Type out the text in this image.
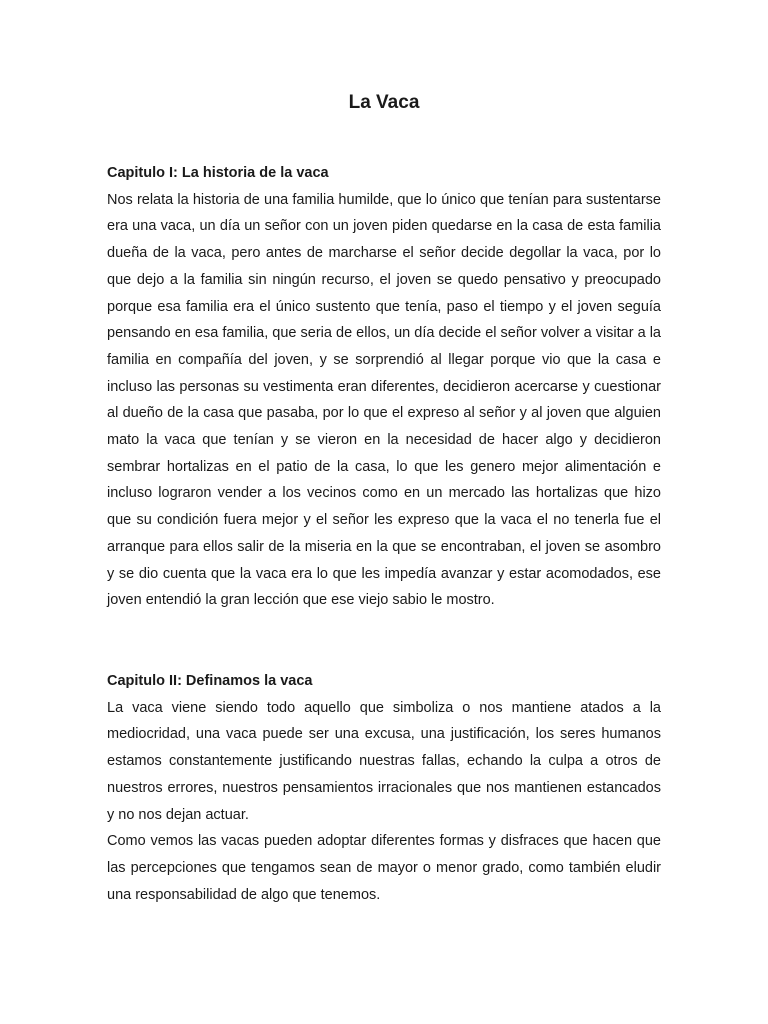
La Vaca

Capitulo I: La historia de la vaca

Nos relata la historia de una familia humilde, que lo único que tenían para sustentarse era una vaca, un día un señor con un joven piden quedarse en la casa de esta familia dueña de la vaca, pero antes de marcharse el señor decide degollar la vaca, por lo que dejo a la familia sin ningún recurso, el joven se quedo pensativo y preocupado porque esa familia era el único sustento que tenía, paso el tiempo y el joven seguía pensando en esa familia, que seria de ellos, un día decide el señor volver a visitar a la familia en compañía del joven, y se sorprendió al llegar porque vio que la casa e incluso las personas su vestimenta eran diferentes, decidieron acercarse y cuestionar al dueño de la casa que pasaba, por lo que el expreso al señor y al joven que alguien mato la vaca que tenían y se vieron en la necesidad de hacer algo y decidieron sembrar hortalizas en el patio de la casa, lo que les genero mejor alimentación e incluso lograron vender a los vecinos como en un mercado las hortalizas que hizo que su condición fuera mejor y el señor les expreso que la vaca el no tenerla fue el arranque para ellos salir de la miseria en la que se encontraban, el joven se asombro y se dio cuenta que la vaca era lo que les impedía avanzar y estar acomodados, ese joven entendió la gran lección que ese viejo sabio le mostro.

Capitulo II: Definamos la vaca

La vaca viene siendo todo aquello que simboliza o nos mantiene atados a la mediocridad, una vaca puede ser una excusa, una justificación, los seres humanos estamos constantemente justificando nuestras fallas, echando la culpa a otros de nuestros errores, nuestros pensamientos irracionales que nos mantienen estancados y no nos dejan actuar.

Como vemos las vacas pueden adoptar diferentes formas y disfraces que hacen que las percepciones que tengamos sean de mayor o menor grado, como también eludir una responsabilidad de algo que tenemos.
